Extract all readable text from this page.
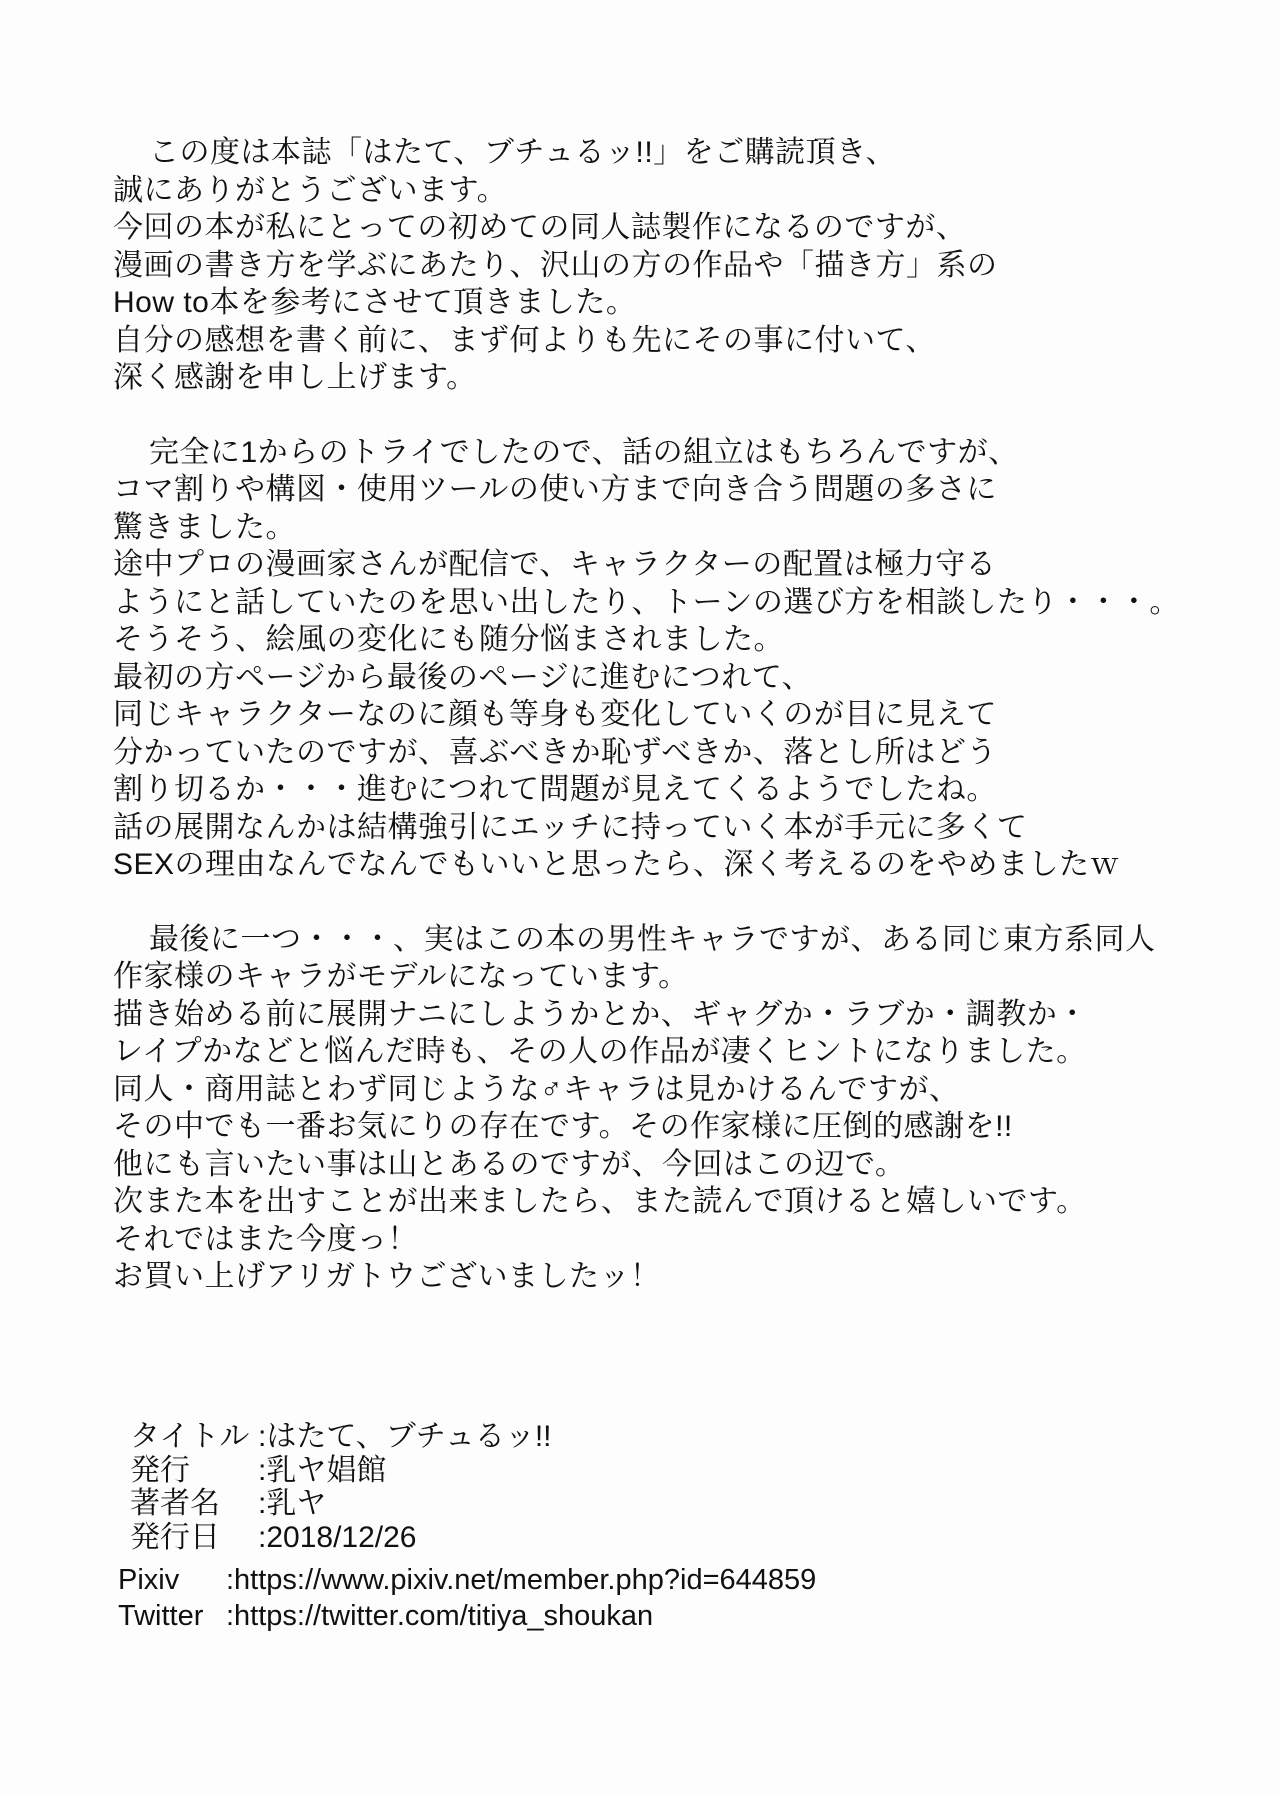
この度は本誌「はたて、ブチュるッ!!」をご購読頂き、
誠にありがとうございます。
今回の本が私にとっての初めての同人誌製作になるのですが、
漫画の書き方を学ぶにあたり、沢山の方の作品や「描き方」系の
How to本を参考にさせて頂きました。
自分の感想を書く前に、まず何よりも先にその事に付いて、
深く感謝を申し上げます。
完全に1からのトライでしたので、話の組立はもちろんですが、
コマ割りや構図・使用ツールの使い方まで向き合う問題の多さに
驚きました。
途中プロの漫画家さんが配信で、キャラクターの配置は極力守る
ようにと話していたのを思い出したり、トーンの選び方を相談したり・・・。
そうそう、絵風の変化にも随分悩まされました。
最初の方ページから最後のページに進むにつれて、
同じキャラクターなのに顔も等身も変化していくのが目に見えて
分かっていたのですが、喜ぶべきか恥ずべきか、落とし所はどう
割り切るか・・・進むにつれて問題が見えてくるようでしたね。
話の展開なんかは結構強引にエッチに持っていく本が手元に多くて
SEXの理由なんでなんでもいいと思ったら、深く考えるのをやめましたｗ
最後に一つ・・・、実はこの本の男性キャラですが、ある同じ東方系同人
作家様のキャラがモデルになっています。
描き始める前に展開ナニにしようかとか、ギャグか・ラブか・調教か・
レイプかなどと悩んだ時も、その人の作品が凄くヒントになりました。
同人・商用誌とわず同じような♂キャラは見かけるんですが、
その中でも一番お気にりの存在です。その作家様に圧倒的感謝を!!
他にも言いたい事は山とあるのですが、今回はこの辺で。
次また本を出すことが出来ましたら、また読んで頂けると嬉しいです。
それではまた今度っ！
お買い上げアリガトウございましたッ！
タイトル :はたて、ブチュるッ!!
発行	:乳ヤ娼館
著者名	:乳ヤ
発行日	:2018/12/26
Pixiv	:https://www.pixiv.net/member.php?id=644859
Twitter :https://twitter.com/titiya_shoukan
